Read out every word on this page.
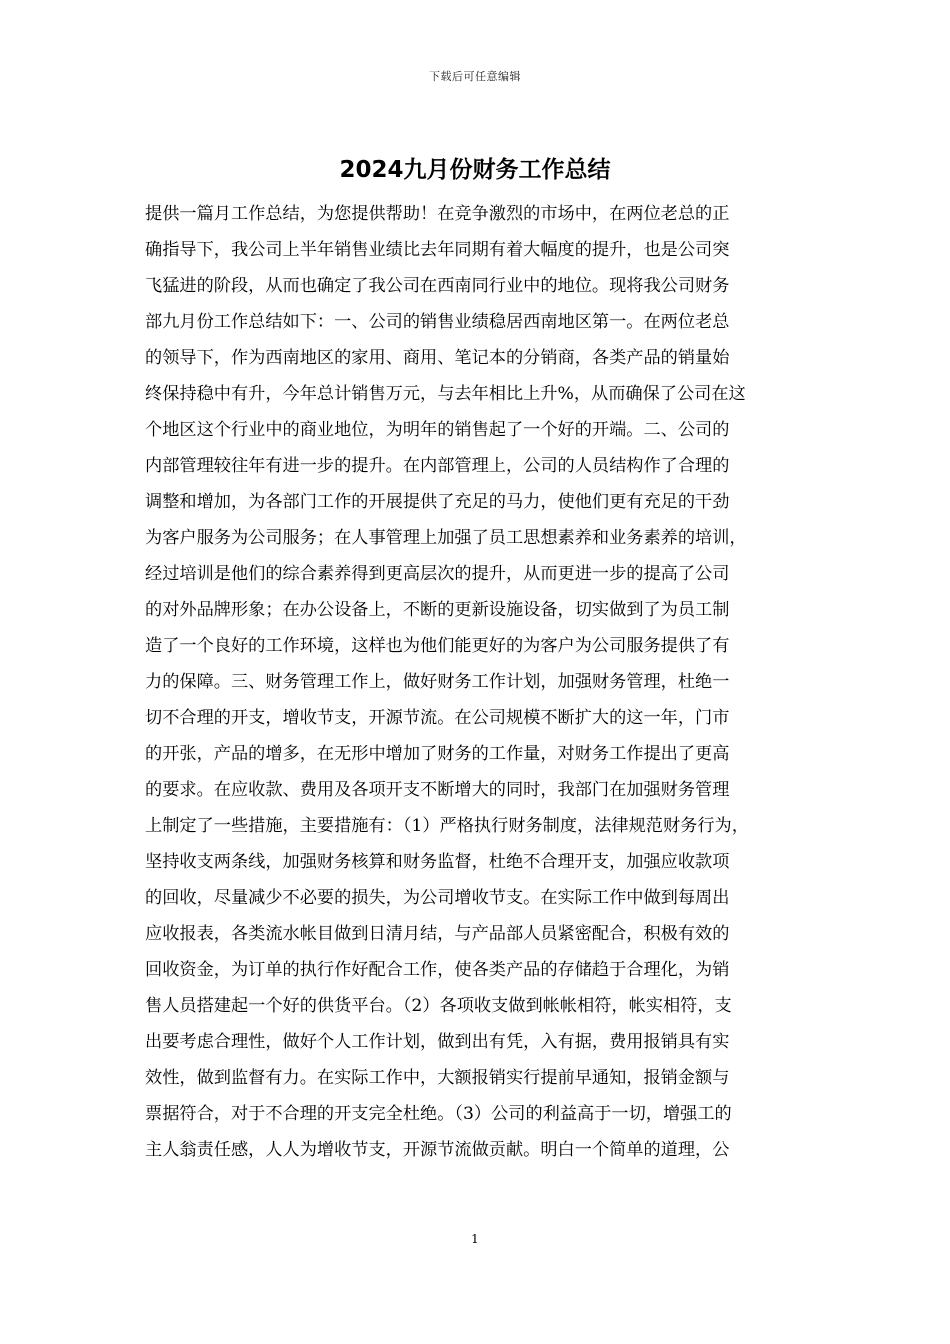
下载后可任意编辑
2024九月份财务工作总结
提供一篇月工作总结，为您提供帮助！在竞争激烈的市场中，在两位老总的正
确指导下，我公司上半年销售业绩比去年同期有着大幅度的提升，也是公司突
飞猛进的阶段，从而也确定了我公司在西南同行业中的地位。现将我公司财务
部九月份工作总结如下：一、公司的销售业绩稳居西南地区第一。在两位老总
的领导下，作为西南地区的家用、商用、笔记本的分销商，各类产品的销量始
终保持稳中有升，今年总计销售万元，与去年相比上升%，从而确保了公司在这
个地区这个行业中的商业地位，为明年的销售起了一个好的开端。二、公司的
内部管理较往年有进一步的提升。在内部管理上，公司的人员结构作了合理的
调整和增加，为各部门工作的开展提供了充足的马力，使他们更有充足的干劲
为客户服务为公司服务；在人事管理上加强了员工思想素养和业务素养的培训，
经过培训是他们的综合素养得到更高层次的提升，从而更进一步的提高了公司
的对外品牌形象；在办公设备上，不断的更新设施设备，切实做到了为员工制
造了一个良好的工作环境，这样也为他们能更好的为客户为公司服务提供了有
力的保障。三、财务管理工作上，做好财务工作计划，加强财务管理，杜绝一
切不合理的开支，增收节支，开源节流。在公司规模不断扩大的这一年，门市
的开张，产品的增多，在无形中增加了财务的工作量，对财务工作提出了更高
的要求。在应收款、费用及各项开支不断增大的同时，我部门在加强财务管理
上制定了一些措施，主要措施有：（1）严格执行财务制度，法律规范财务行为，
坚持收支两条线，加强财务核算和财务监督，杜绝不合理开支，加强应收款项
的回收，尽量减少不必要的损失，为公司增收节支。在实际工作中做到每周出
应收报表，各类流水帐目做到日清月结，与产品部人员紧密配合，积极有效的
回收资金，为订单的执行作好配合工作，使各类产品的存储趋于合理化，为销
售人员搭建起一个好的供货平台。（2）各项收支做到帐帐相符，帐实相符，支
出要考虑合理性，做好个人工作计划，做到出有凭，入有据，费用报销具有实
效性，做到监督有力。在实际工作中，大额报销实行提前早通知，报销金额与
票据符合，对于不合理的开支完全杜绝。（3）公司的利益高于一切，增强工的
主人翁责任感，人人为增收节支，开源节流做贡献。明白一个简单的道理，公
1
